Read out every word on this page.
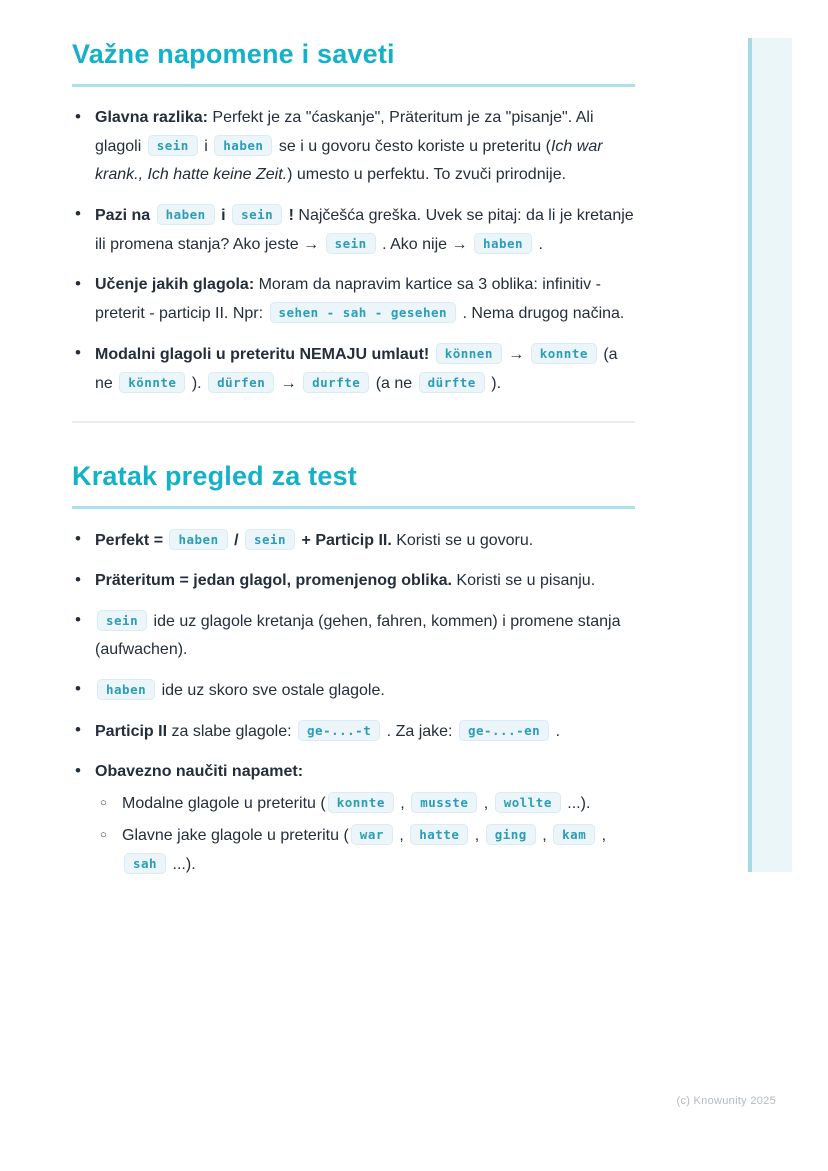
Važne napomene i saveti
• Glavna razlika: Perfekt je za "ćaskanje", Präteritum je za "pisanje". Ali glagoli sein i haben se i u govoru često koriste u preteritu (Ich war krank., Ich hatte keine Zeit.) umesto u perfektu. To zvuči prirodnije.
• Pazi na haben i sein ! Najčešća greška. Uvek se pitaj: da li je kretanje ili promena stanja? Ako jeste → sein . Ako nije → haben .
• Učenje jakih glagola: Moram da napravim kartice sa 3 oblika: infinitiv - preterit - particip II. Npr: sehen - sah - gesehen . Nema drugog načina.
• Modalni glagoli u preteritu NEMAJU umlaut! können → konnte (a ne könnte ). dürfen → durfte (a ne dürfte ).
Kratak pregled za test
• Perfekt = haben / sein + Particip II. Koristi se u govoru.
• Präteritum = jedan glagol, promenjenog oblika. Koristi se u pisanju.
• sein ide uz glagole kretanja (gehen, fahren, kommen) i promene stanja (aufwachen).
• haben ide uz skoro sve ostale glagole.
• Particip II za slabe glagole: ge-...-t . Za jake: ge-...-en .
• Obavezno naučiti napamet:
○ Modalne glagole u preteritu ( konnte , musste , wollte ...).
○ Glavne jake glagole u preteritu ( war , hatte , ging , kam , sah ...).
(c) Knowunity 2025
